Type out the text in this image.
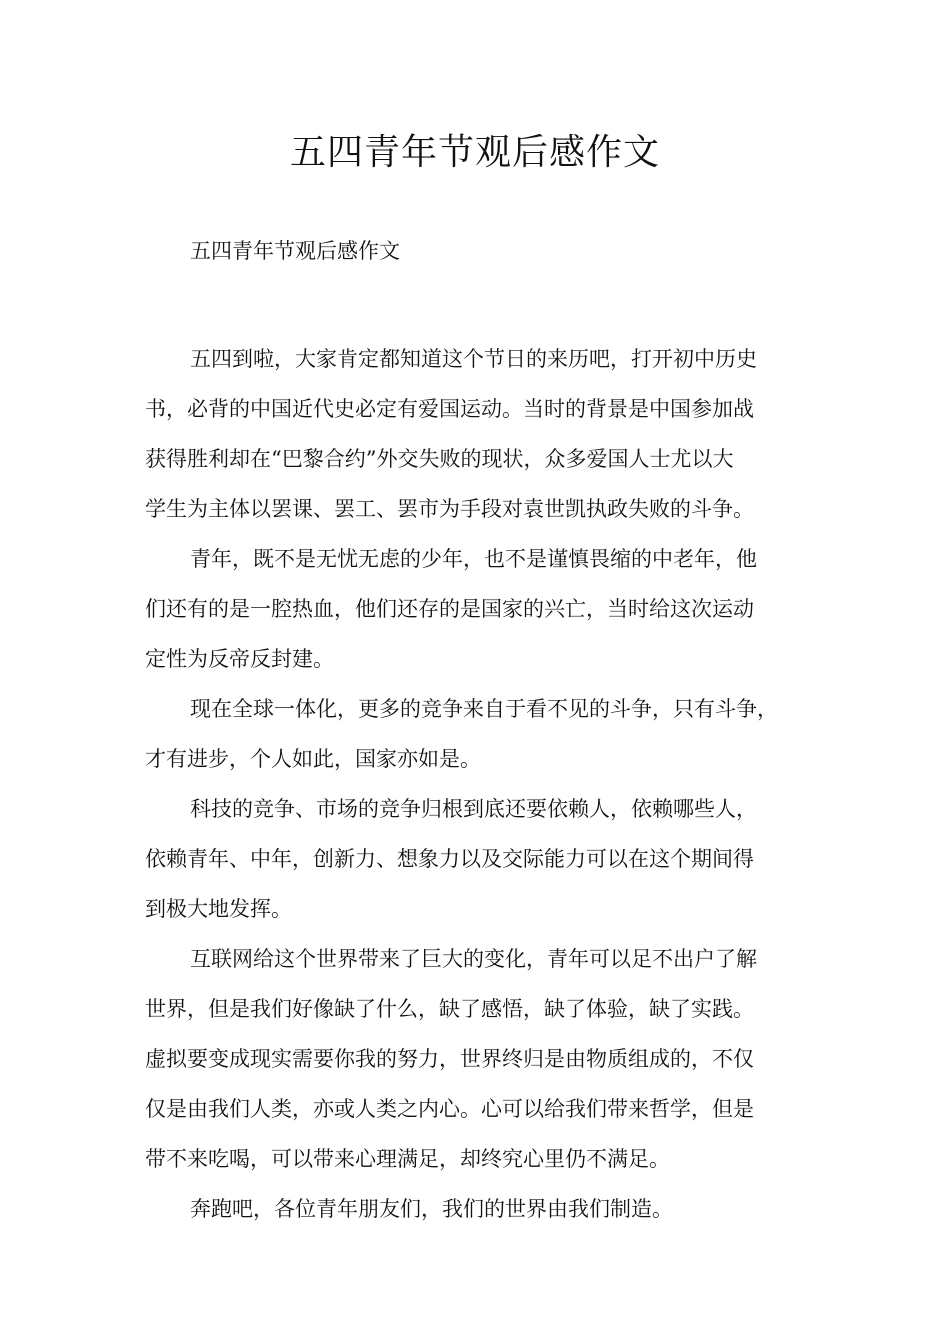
五四青年节观后感作文

五四青年节观后感作文

五四到啦，大家肯定都知道这个节日的来历吧，打开初中历史
书，必背的中国近代史必定有爱国运动。当时的背景是中国参加战
获得胜利却在“巴黎合约”外交失败的现状，众多爱国人士尤以大
学生为主体以罢课、罢工、罢市为手段对袁世凯执政失败的斗争。
青年，既不是无忧无虑的少年，也不是谨慎畏缩的中老年，他
们还有的是一腔热血，他们还存的是国家的兴亡，当时给这次运动
定性为反帝反封建。
现在全球一体化，更多的竞争来自于看不见的斗争，只有斗争，
才有进步，个人如此，国家亦如是。
科技的竞争、市场的竞争归根到底还要依赖人，依赖哪些人，
依赖青年、中年，创新力、想象力以及交际能力可以在这个期间得
到极大地发挥。
互联网给这个世界带来了巨大的变化，青年可以足不出户了解
世界，但是我们好像缺了什么，缺了感悟，缺了体验，缺了实践。
虚拟要变成现实需要你我的努力，世界终归是由物质组成的，不仅
仅是由我们人类，亦或人类之内心。心可以给我们带来哲学，但是
带不来吃喝，可以带来心理满足，却终究心里仍不满足。
奔跑吧，各位青年朋友们，我们的世界由我们制造。
